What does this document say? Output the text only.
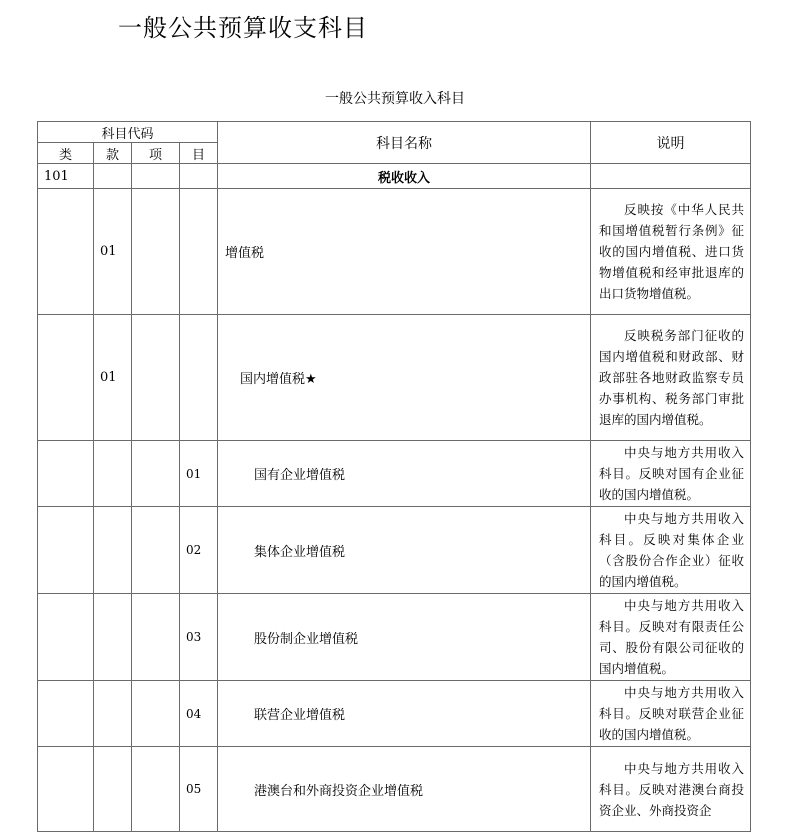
一般公共预算收支科目
一般公共预算收入科目
科目代码				科目名称	说明
类	款	项	目		
101				税收收入	
	01			增值税	反映按《中华人民共和国增值税暂行条例》征收的国内增值税、进口货物增值税和经审批退库的出口货物增值税。
	01			国内增值税★	反映税务部门征收的国内增值税和财政部、财政部驻各地财政监察专员办事机构、税务部门审批退库的国内增值税。
			01	国有企业增值税	中央与地方共用收入科目。反映对国有企业征收的国内增值税。
			02	集体企业增值税	中央与地方共用收入科目。反映对集体企业（含股份合作企业）征收的国内增值税。
			03	股份制企业增值税	中央与地方共用收入科目。反映对有限责任公司、股份有限公司征收的国内增值税。
			04	联营企业增值税	中央与地方共用收入科目。反映对联营企业征收的国内增值税。
			05	港澳台和外商投资企业增值税	中央与地方共用收入科目。反映对港澳台商投资企业、外商投资企
